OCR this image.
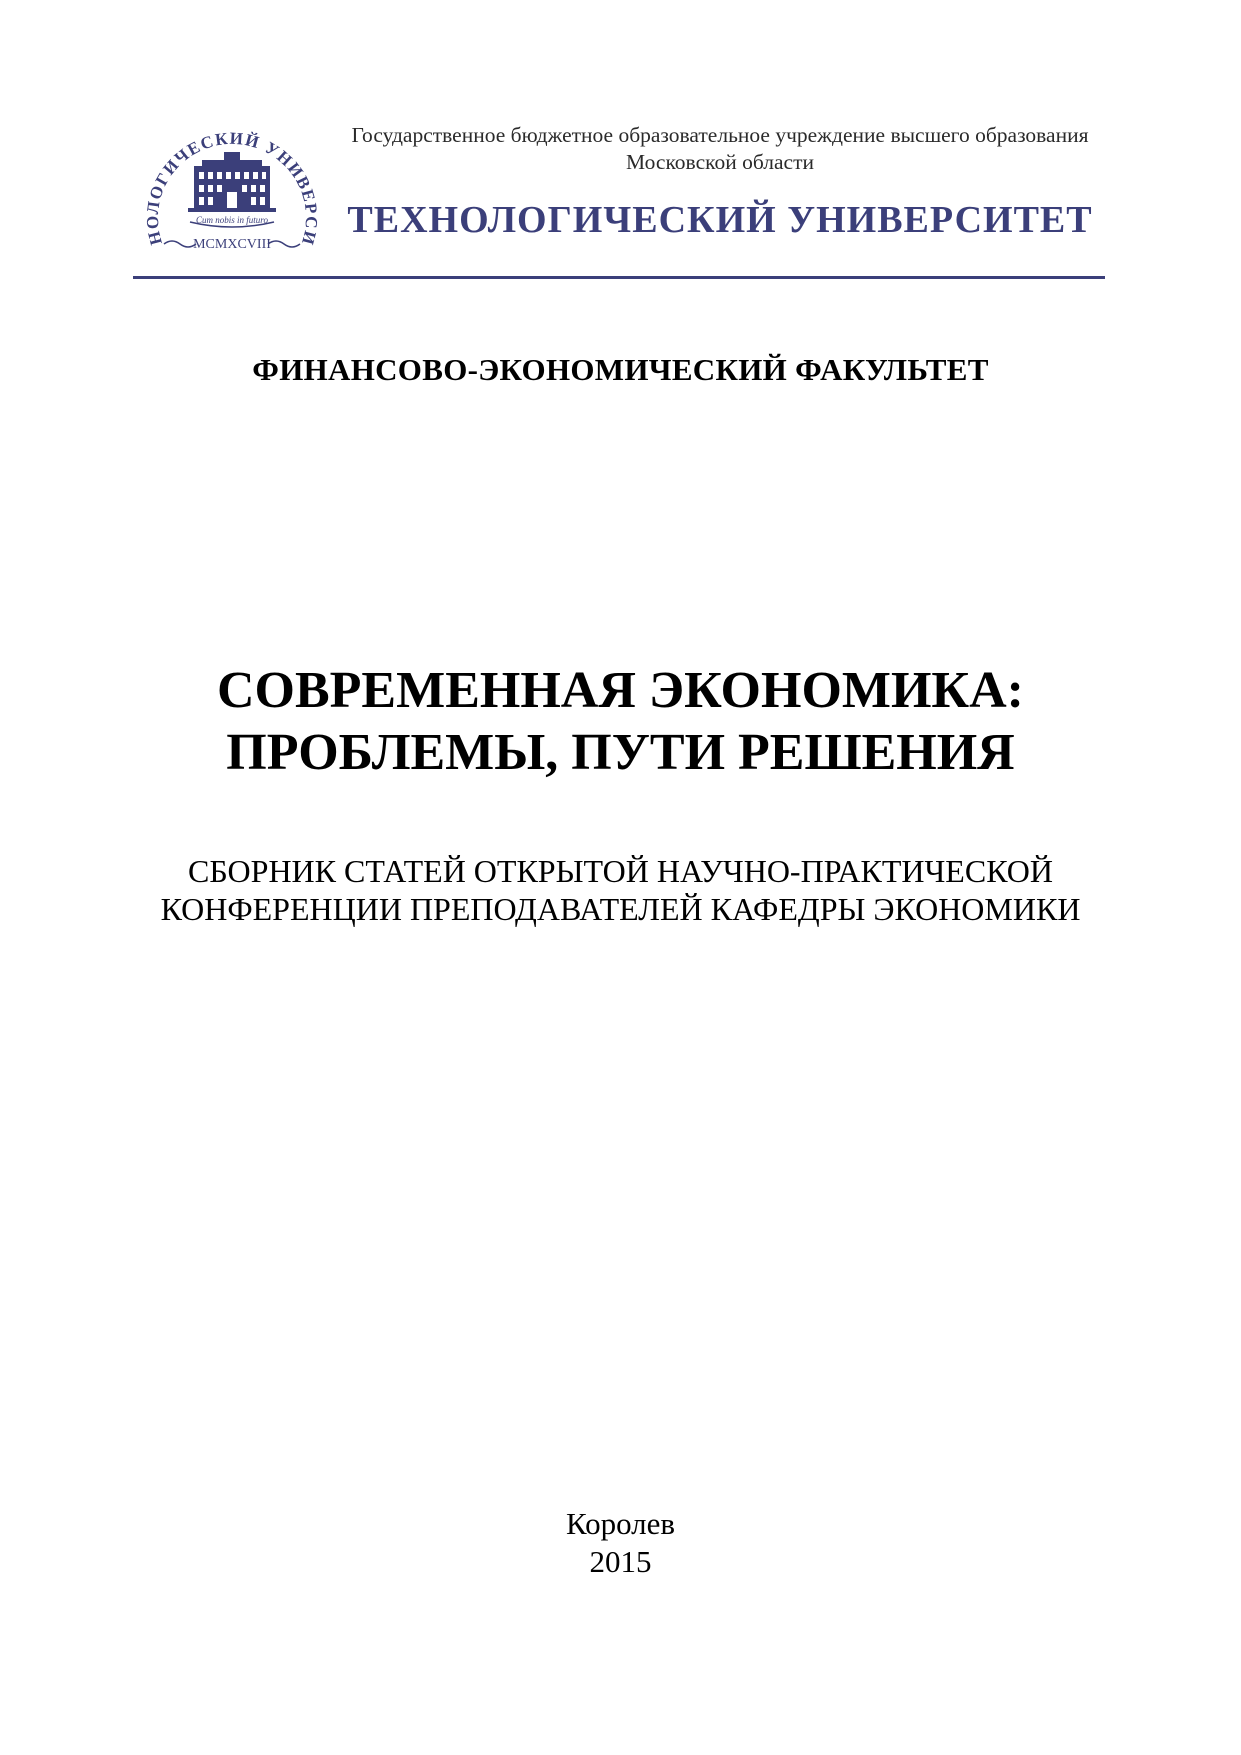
НОЛОГИЧЕСКИЙ УНИВЕРСИ
Cum nobis in futuro
MCMXCVIII
Государственное бюджетное образовательное учреждение высшего образования
Московской области
ТЕХНОЛОГИЧЕСКИЙ УНИВЕРСИТЕТ
ФИНАНСОВО-ЭКОНОМИЧЕСКИЙ ФАКУЛЬТЕТ
СОВРЕМЕННАЯ ЭКОНОМИКА:
ПРОБЛЕМЫ, ПУТИ РЕШЕНИЯ
СБОРНИК СТАТЕЙ ОТКРЫТОЙ НАУЧНО-ПРАКТИЧЕСКОЙ
КОНФЕРЕНЦИИ ПРЕПОДАВАТЕЛЕЙ КАФЕДРЫ ЭКОНОМИКИ
Королев
2015
